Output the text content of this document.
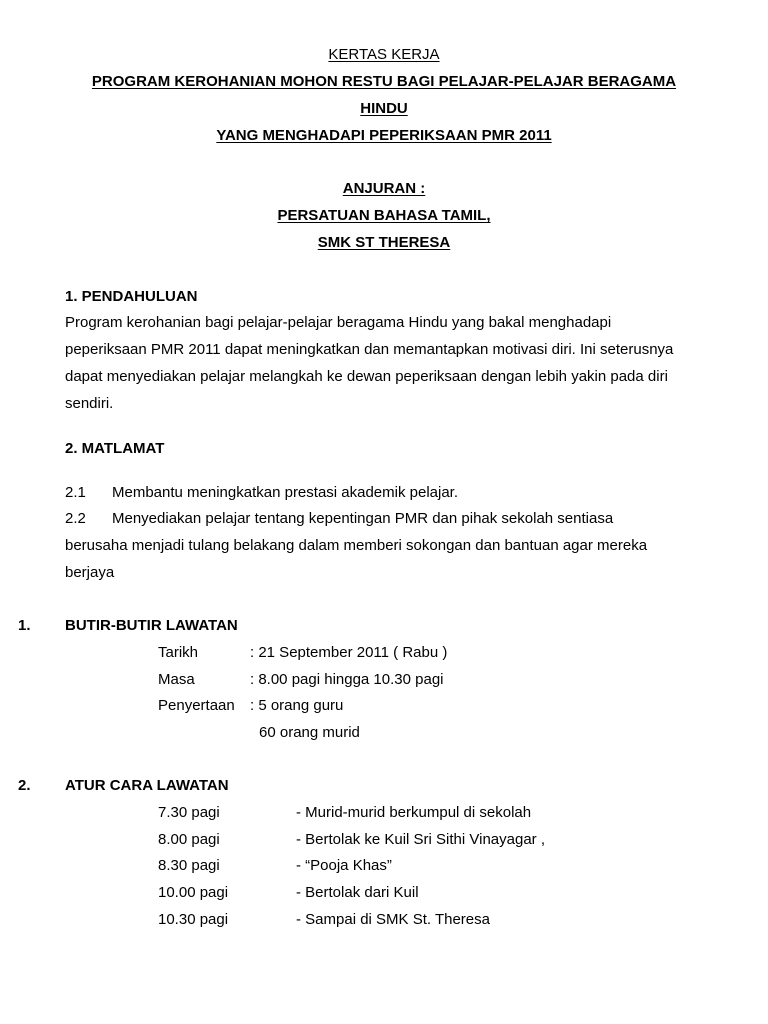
KERTAS KERJA
PROGRAM KEROHANIAN MOHON RESTU BAGI PELAJAR-PELAJAR BERAGAMA
HINDU
YANG MENGHADAPI PEPERIKSAAN PMR 2011
ANJURAN :
PERSATUAN BAHASA TAMIL,
SMK ST THERESA
1. PENDAHULUAN
Program kerohanian bagi pelajar-pelajar beragama Hindu yang bakal menghadapi
peperiksaan PMR 2011 dapat meningkatkan dan memantapkan motivasi diri. Ini seterusnya
dapat menyediakan pelajar melangkah ke dewan peperiksaan dengan lebih yakin pada diri
sendiri.
2. MATLAMAT
2.1 Membantu meningkatkan prestasi akademik pelajar.
2.2 Menyediakan pelajar tentang kepentingan PMR dan pihak sekolah sentiasa
berusaha menjadi tulang belakang dalam memberi sokongan dan bantuan agar mereka
berjaya
1. BUTIR-BUTIR LAWATAN
Tarikh	: 21 September 2011 ( Rabu )
Masa	: 8.00 pagi hingga 10.30 pagi
Penyertaan : 5 orang guru
60 orang murid
2. ATUR CARA LAWATAN
7.30 pagi	- Murid-murid berkumpul di sekolah
8.00 pagi	- Bertolak ke Kuil Sri Sithi Vinayagar ,
8.30 pagi	- “Pooja Khas”
10.00 pagi	- Bertolak dari Kuil
10.30 pagi	- Sampai di SMK St. Theresa
